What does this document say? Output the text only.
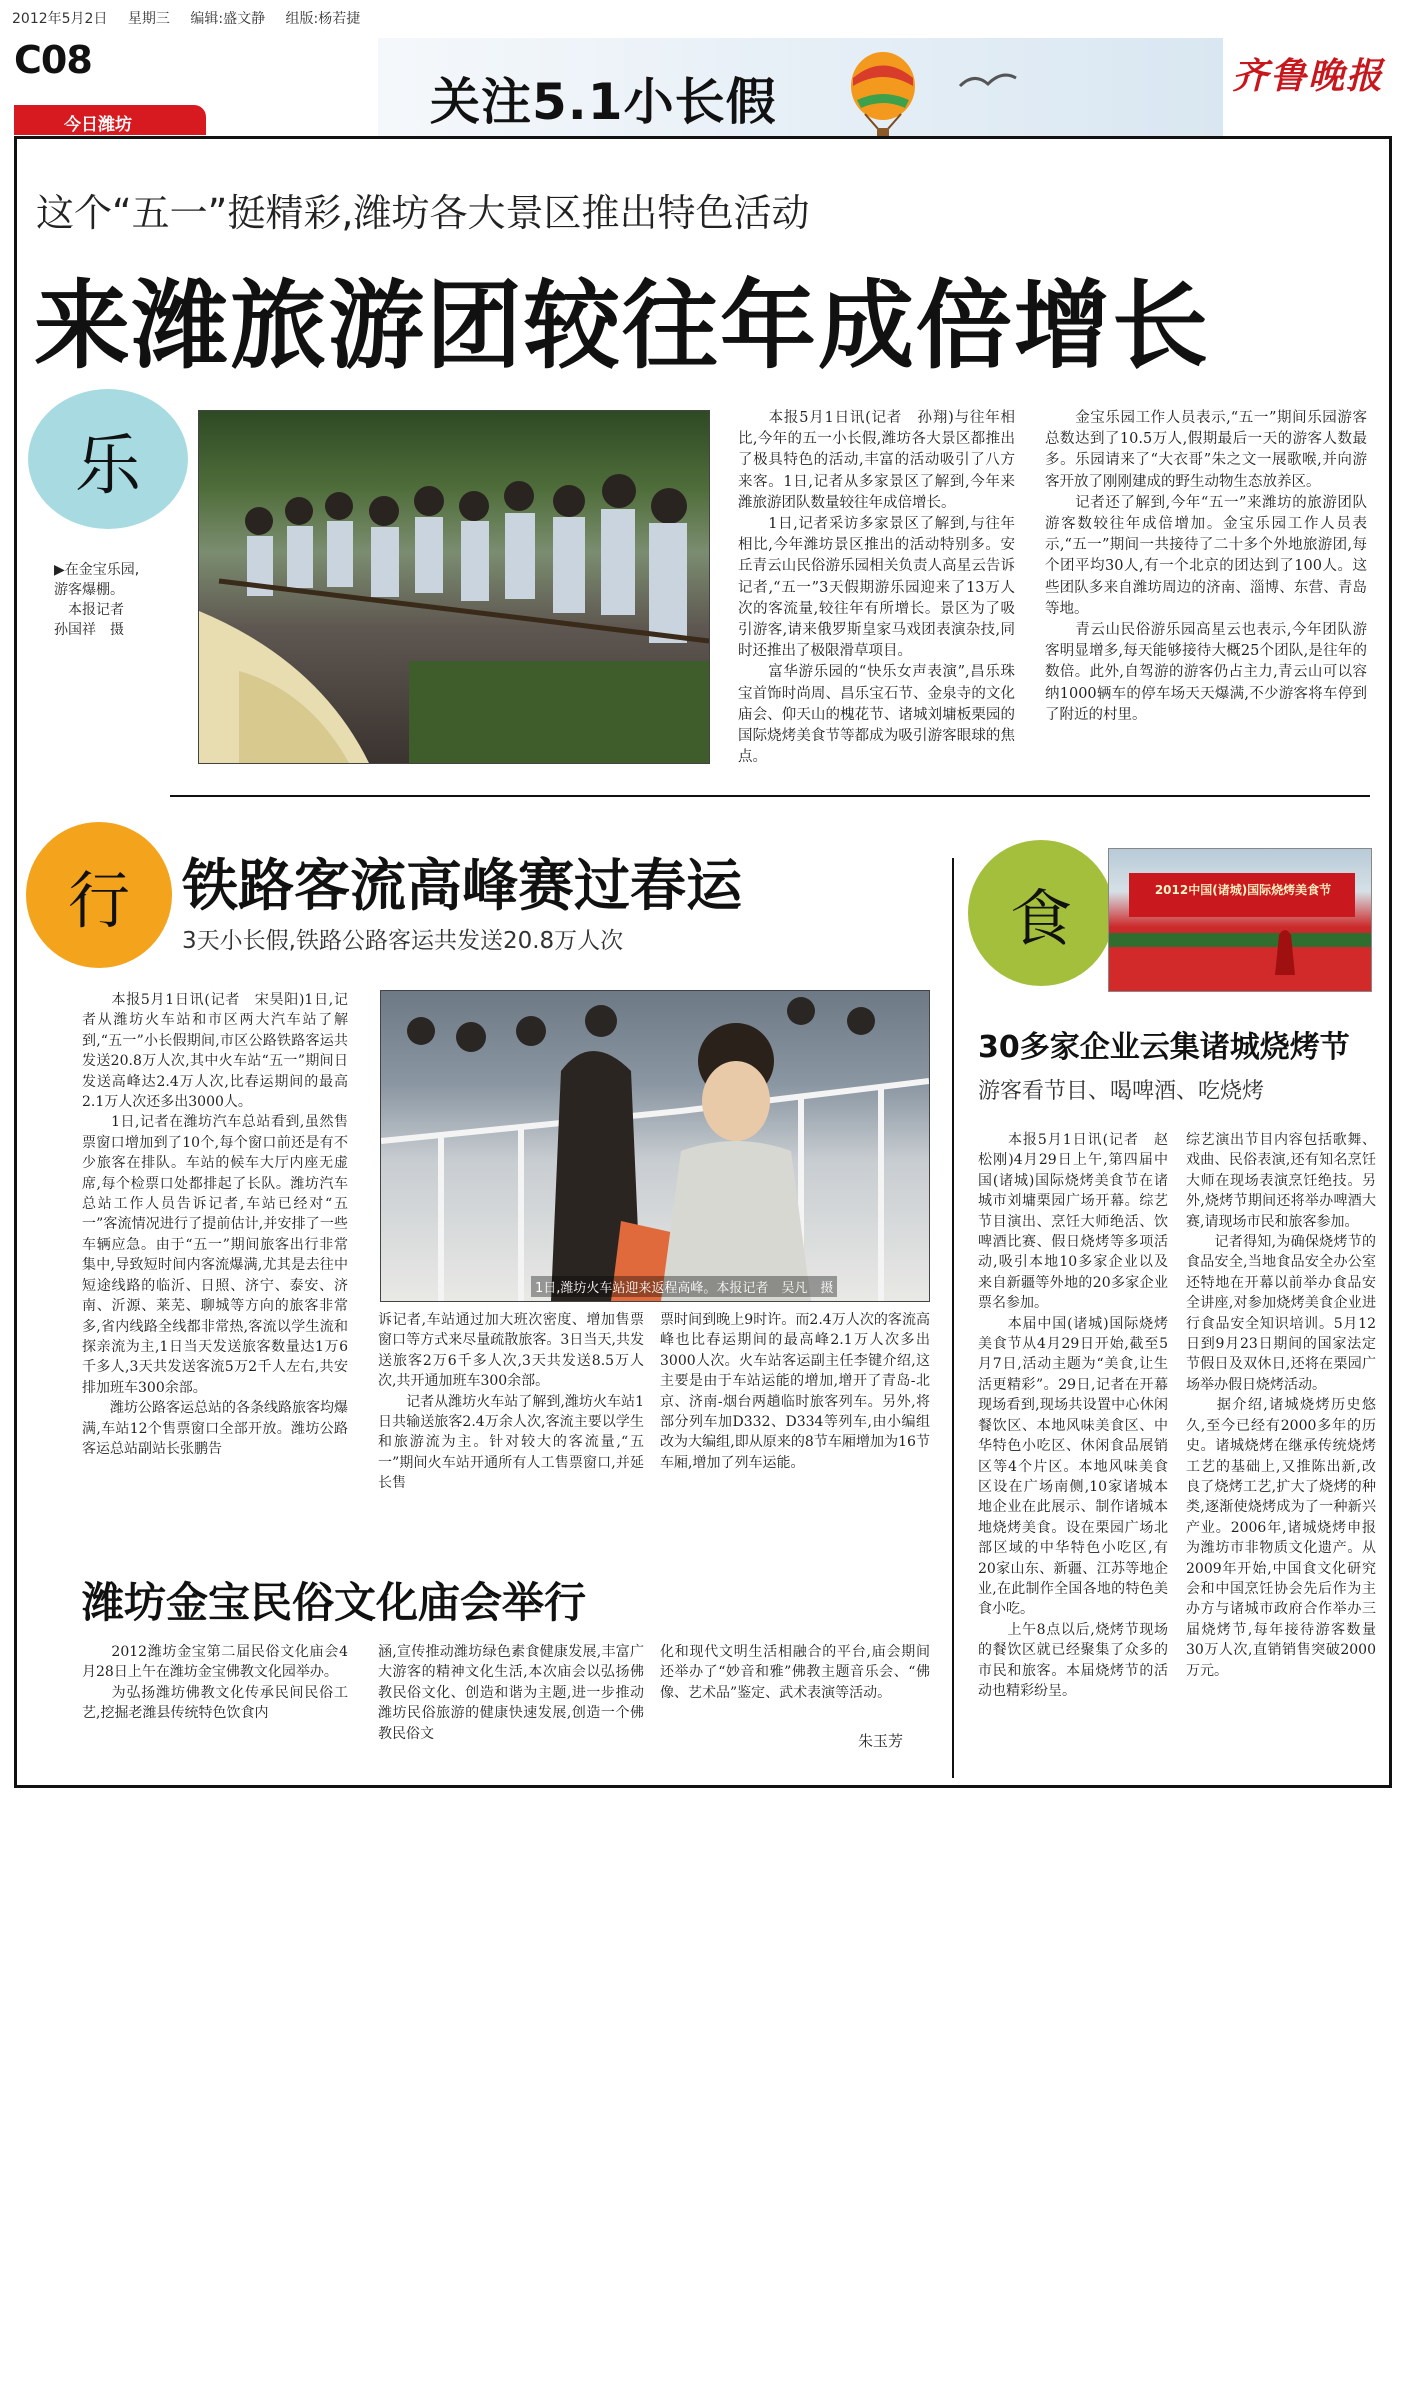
2012年5月2日 星期三 编辑:盛文静 组版:杨若捷
C08
今日潍坊	关注5.1小长假	齐鲁晚报
这个“五一”挺精彩,潍坊各大景区推出特色活动
来潍旅游团较往年成倍增长
乐
▶在金宝乐园,
游客爆棚。
　本报记者
孙国祥　摄
　　本报5月1日讯(记者　孙翔)与往年相比,今年的五一小长假,潍坊各大景区都推出了极具特色的活动,丰富的活动吸引了八方来客。1日,记者从多家景区了解到,今年来潍旅游团队数量较往年成倍增长。
　　1日,记者采访多家景区了解到,与往年相比,今年潍坊景区推出的活动特别多。安丘青云山民俗游乐园相关负责人高星云告诉记者,“五一”3天假期游乐园迎来了13万人次的客流量,较往年有所增长。景区为了吸引游客,请来俄罗斯皇家马戏团表演杂技,同时还推出了极限滑草项目。
　　富华游乐园的“快乐女声表演”,昌乐珠宝首饰时尚周、昌乐宝石节、金泉寺的文化庙会、仰天山的槐花节、诸城刘墉板栗园的国际烧烤美食节等都成为吸引游客眼球的焦点。
　　金宝乐园工作人员表示,“五一”期间乐园游客总数达到了10.5万人,假期最后一天的游客人数最多。乐园请来了“大衣哥”朱之文一展歌喉,并向游客开放了刚刚建成的野生动物生态放养区。
　　记者还了解到,今年“五一”来潍坊的旅游团队游客数较往年成倍增加。金宝乐园工作人员表示,“五一”期间一共接待了二十多个外地旅游团,每个团平均30人,有一个北京的团达到了100人。这些团队多来自潍坊周边的济南、淄博、东营、青岛等地。
　　青云山民俗游乐园高星云也表示,今年团队游客明显增多,每天能够接待大概25个团队,是往年的数倍。此外,自驾游的游客仍占主力,青云山可以容纳1000辆车的停车场天天爆满,不少游客将车停到了附近的村里。
行 铁路客流高峰赛过春运
3天小长假,铁路公路客运共发送20.8万人次
　　本报5月1日讯(记者　宋昊阳)1日,记者从潍坊火车站和市区两大汽车站了解到,“五一”小长假期间,市区公路铁路客运共发送20.8万人次,其中火车站“五一”期间日发送高峰达2.4万人次,比春运期间的最高2.1万人次还多出3000人。
　　1日,记者在潍坊汽车总站看到,虽然售票窗口增加到了10个,每个窗口前还是有不少旅客在排队。车站的候车大厅内座无虚席,每个检票口处都排起了长队。潍坊汽车总站工作人员告诉记者,车站已经对“五一”客流情况进行了提前估计,并安排了一些车辆应急。由于“五一”期间旅客出行非常集中,导致短时间内客流爆满,尤其是去往中短途线路的临沂、日照、济宁、泰安、济南、沂源、莱芜、聊城等方向的旅客非常多,省内线路全线都非常热,客流以学生流和探亲流为主,1日当天发送旅客数量达1万6千多人,3天共发送客流5万2千人左右,共安排加班车300余部。
　　潍坊公路客运总站的各条线路旅客均爆满,车站12个售票窗口全部开放。潍坊公路客运总站副站长张鹏告
1日,潍坊火车站迎来返程高峰。本报记者　吴凡　摄
诉记者,车站通过加大班次密度、增加售票窗口等方式来尽量疏散旅客。3日当天,共发送旅客2万6千多人次,3天共发送8.5万人次,共开通加班车300余部。
　　记者从潍坊火车站了解到,潍坊火车站1日共输送旅客2.4万余人次,客流主要以学生和旅游流为主。针对较大的客流量,“五一”期间火车站开通所有人工售票窗口,并延长售
票时间到晚上9时许。而2.4万人次的客流高峰也比春运期间的最高峰2.1万人次多出3000人次。火车站客运副主任李键介绍,这主要是由于车站运能的增加,增开了青岛-北京、济南-烟台两趟临时旅客列车。另外,将部分列车加D332、D334等列车,由小编组改为大编组,即从原来的8节车厢增加为16节车厢,增加了列车运能。
潍坊金宝民俗文化庙会举行
　　2012潍坊金宝第二届民俗文化庙会4月28日上午在潍坊金宝佛教文化园举办。
　　为弘扬潍坊佛教文化传承民间民俗工艺,挖掘老潍县传统特色饮食内
涵,宣传推动潍坊绿色素食健康发展,丰富广大游客的精神文化生活,本次庙会以弘扬佛教民俗文化、创造和谐为主题,进一步推动潍坊民俗旅游的健康快速发展,创造一个佛教民俗文
化和现代文明生活相融合的平台,庙会期间还举办了“妙音和雅”佛教主题音乐会、“佛像、艺术品”鉴定、武术表演等活动。
朱玉芳
食	2012中国(诸城)国际烧烤美食节
30多家企业云集诸城烧烤节
游客看节目、喝啤酒、吃烧烤
　　本报5月1日讯(记者　赵松刚)4月29日上午,第四届中国(诸城)国际烧烤美食节在诸城市刘墉栗园广场开幕。综艺节目演出、烹饪大师绝活、饮啤酒比赛、假日烧烤等多项活动,吸引本地10多家企业以及来自新疆等外地的20多家企业票名参加。
　　本届中国(诸城)国际烧烤美食节从4月29日开始,截至5月7日,活动主题为“美食,让生活更精彩”。29日,记者在开幕现场看到,现场共设置中心休闲餐饮区、本地风味美食区、中华特色小吃区、休闲食品展销区等4个片区。本地风味美食区设在广场南侧,10家诸城本地企业在此展示、制作诸城本地烧烤美食。设在栗园广场北部区域的中华特色小吃区,有20家山东、新疆、江苏等地企业,在此制作全国各地的特色美食小吃。
　　上午8点以后,烧烤节现场的餐饮区就已经聚集了众多的市民和旅客。本届烧烤节的活动也精彩纷呈。
综艺演出节目内容包括歌舞、戏曲、民俗表演,还有知名烹饪大师在现场表演烹饪绝技。另外,烧烤节期间还将举办啤酒大赛,请现场市民和旅客参加。
　　记者得知,为确保烧烤节的食品安全,当地食品安全办公室还特地在开幕以前举办食品安全讲座,对参加烧烤美食企业进行食品安全知识培训。5月12日到9月23日期间的国家法定节假日及双休日,还将在栗园广场举办假日烧烤活动。
　　据介绍,诸城烧烤历史悠久,至今已经有2000多年的历史。诸城烧烤在继承传统烧烤工艺的基础上,又推陈出新,改良了烧烤工艺,扩大了烧烤的种类,逐渐使烧烤成为了一种新兴产业。2006年,诸城烧烤申报为潍坊市非物质文化遗产。从2009年开始,中国食文化研究会和中国烹饪协会先后作为主办方与诸城市政府合作举办三届烧烤节,每年接待游客数量30万人次,直销销售突破2000万元。
